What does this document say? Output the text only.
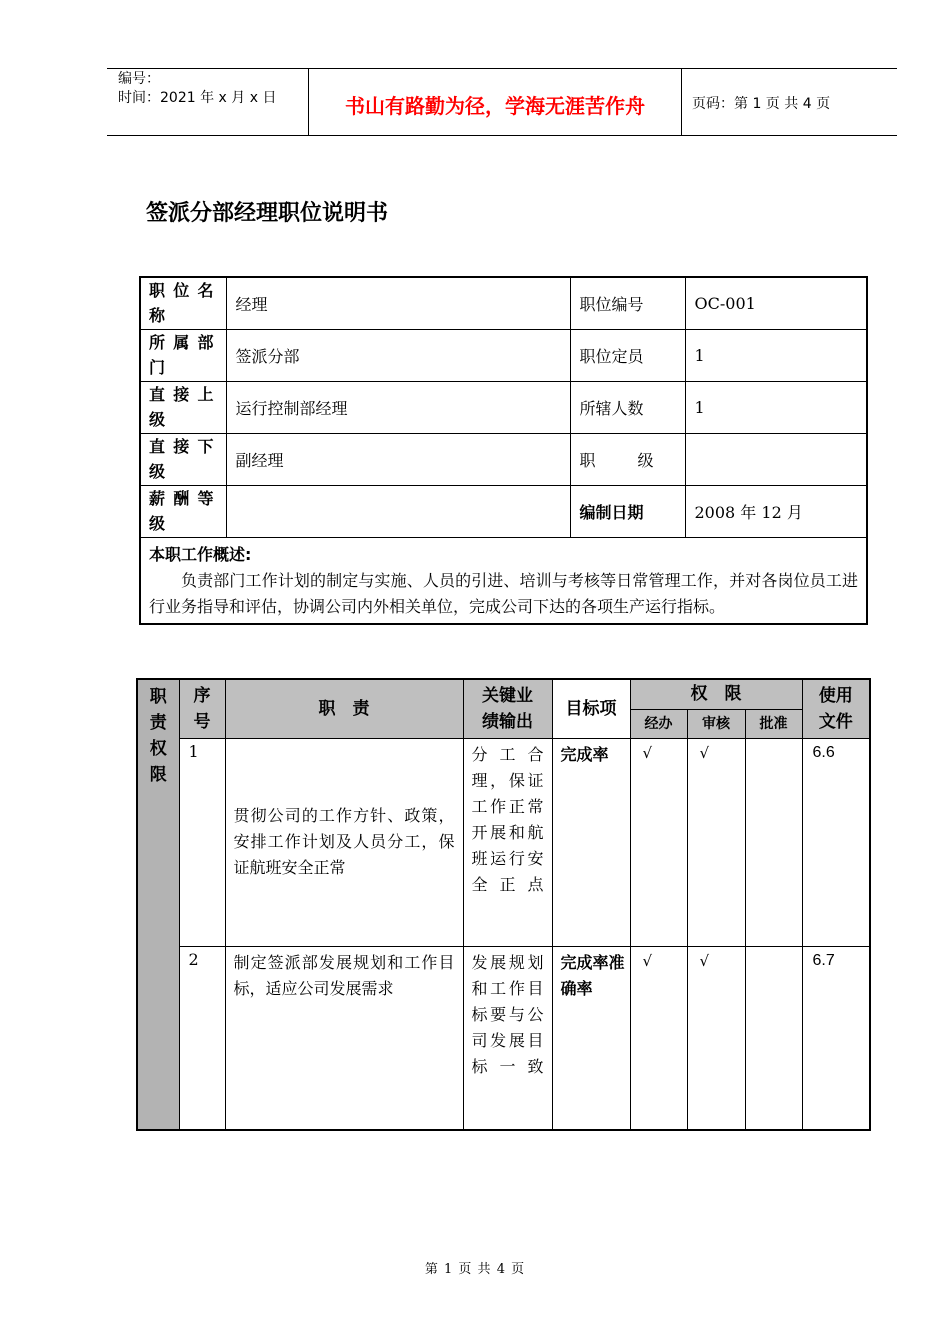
编号：
时间：2021 年 x 月 x 日	书山有路勤为径，学海无涯苦作舟	页码：第 1 页 共 4 页
签派分部经理职位说明书
职位名称	经理	职位编号	OC-001
所属部门	签派分部	职位定员	1
直接上级	运行控制部经理	所辖人数	1
直接下级	副经理	职 级	

薪酬等级		编制日期	2008 年 12 月

本职工作概述:
负责部门工作计划的制定与实施、人员的引进、培训与考核等日常管理工作，并对各岗位员工进行业务指导和评估，协调公司内外相关单位，完成公司下达的各项生产运行指标。			
职责权限	序号	职　责	关键业绩输出	目标项	权　限			使用文件

					经办	审核	批准	
	1	贯彻公司的工作方针、政策，安排工作计划及人员分工，保证航班安全正常	分工合理，保证工作正常开展和航班运行安全正点	完成率	√	√		6.6
	2	制定签派部发展规划和工作目标，适应公司发展需求	发展规划和工作目标要与公司发展目标一致	完成率准确率	√	√		6.7
第 1 页 共 4 页
